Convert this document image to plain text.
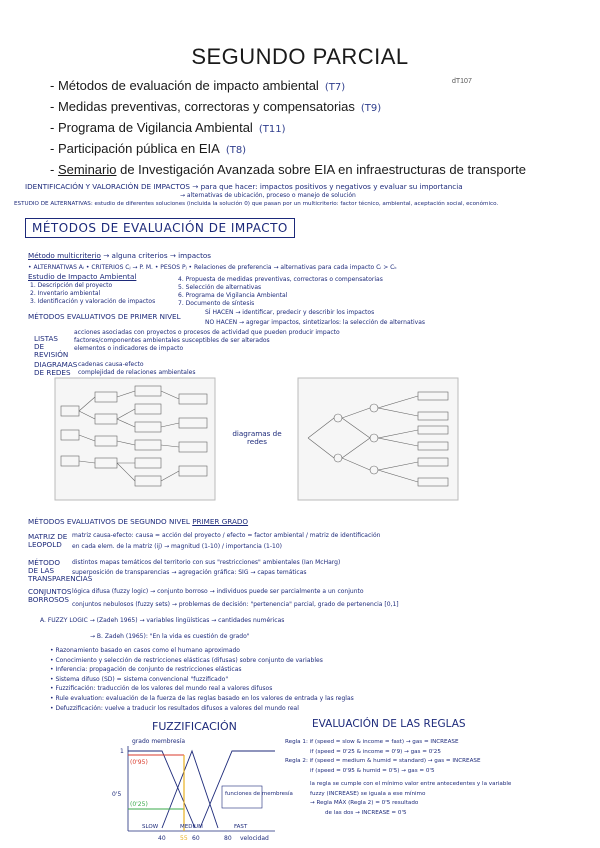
SEGUNDO PARCIAL
dT107
- Métodos de evaluación de impacto ambiental (T7)
- Medidas preventivas, correctoras y compensatorias (T9)
- Programa de Vigilancia Ambiental (T11)
- Participación pública en EIA (T8)
- Seminario de Investigación Avanzada sobre EIA en infraestructuras de transporte
IDENTIFICACIÓN Y VALORACIÓN DE IMPACTOS → para que hacer: impactos positivos y negativos y evaluar su importancia
→ alternativas de ubicación, proceso o manejo de solución
ESTUDIO DE ALTERNATIVAS: estudio de diferentes soluciones (incluida la solución 0) que pasan por un multicriterio: factor técnico, ambiental, aceptación social, económico.
MÉTODOS DE EVALUACIÓN DE IMPACTO
Método multicriterio → alguna criterios → impactos
• ALTERNATIVAS Aᵢ • CRITERIOS Cⱼ → P. M. • PESOS Pⱼ • Relaciones de preferencia → alternativas para cada impacto Cᵢ > Cₖ
Estudio de Impacto Ambiental
1. Descripción del proyecto
2. Inventario ambiental
3. Identificación y valoración de impactos
4. Propuesta de medidas preventivas, correctoras o compensatorias
5. Selección de alternativas
6. Programa de Vigilancia Ambiental
7. Documento de síntesis
MÉTODOS EVALUATIVOS DE PRIMER NIVEL	SÍ HACEN → identificar, predecir y describir los impactos
NO HACEN → agregar impactos, sintetizarlos: la selección de alternativas
LISTAS DE REVISIÓN
acciones asociadas con proyectos o procesos de actividad que pueden producir impacto
factores/componentes ambientales susceptibles de ser alterados
elementos o indicadores de impacto
DIAGRAMAS DE REDES
cadenas causa-efecto
complejidad de relaciones ambientales
diagramas de redes
MÉTODOS EVALUATIVOS DE SEGUNDO NIVEL PRIMER GRADO
MATRIZ DE LEOPOLD
matriz causa-efecto: causa = acción del proyecto / efecto = factor ambiental / matriz de identificación
en cada elem. de la matriz (ij) → magnitud (1-10) / importancia (1-10)
MÉTODO DE LAS TRANSPARENCIAS
distintos mapas temáticos del territorio con sus "restricciones" ambientales (Ian McHarg)
superposición de transparencias → agregación gráfica: SIG → capas temáticas
CONJUNTOS BORROSOS
lógica difusa (fuzzy logic) → conjunto borroso → individuos puede ser parcialmente a un conjunto
conjuntos nebulosos (fuzzy sets) → problemas de decisión: "pertenencia" parcial, grado de pertenencia [0,1]
A. FUZZY LOGIC → (Zadeh 1965) → variables lingüísticas → cantidades numéricas
→ B. Zadeh (1965): "En la vida es cuestión de grado"
• Razonamiento basado en casos como el humano aproximado
• Conocimiento y selección de restricciones elásticas (difusas) sobre conjunto de variables
• Inferencia: propagación de conjunto de restricciones elásticas
• Sistema difuso (SD) = sistema convencional "fuzzificado"
• Fuzzificación: traducción de los valores del mundo real a valores difusos
• Rule evaluation: evaluación de la fuerza de las reglas basado en los valores de entrada y las reglas
• Defuzzificación: vuelve a traducir los resultados difusos a valores del mundo real
FUZZIFICACIÓN
grado membresía
1
0'5
(0'95)
(0'25)
funciones de membresía
SLOW	MEDIUM	FAST
40 55 60	80 velocidad
EVALUACIÓN DE LAS REGLAS
Regla 1: if (speed = slow & income = fast) → gas = INCREASE
if (speed = 0'25 & income = 0'9) → gas = 0'25
Regla 2: if (speed = medium & humid = standard) → gas = INCREASE
if (speed = 0'95 & humid = 0'5) → gas = 0'5
la regla se cumple con el mínimo valor entre antecedentes y la variable
fuzzy (INCREASE) se iguala a ese mínimo
→ Regla MÁX (Regla 2) = 0'5 resultado
de las dos → INCREASE = 0'5
